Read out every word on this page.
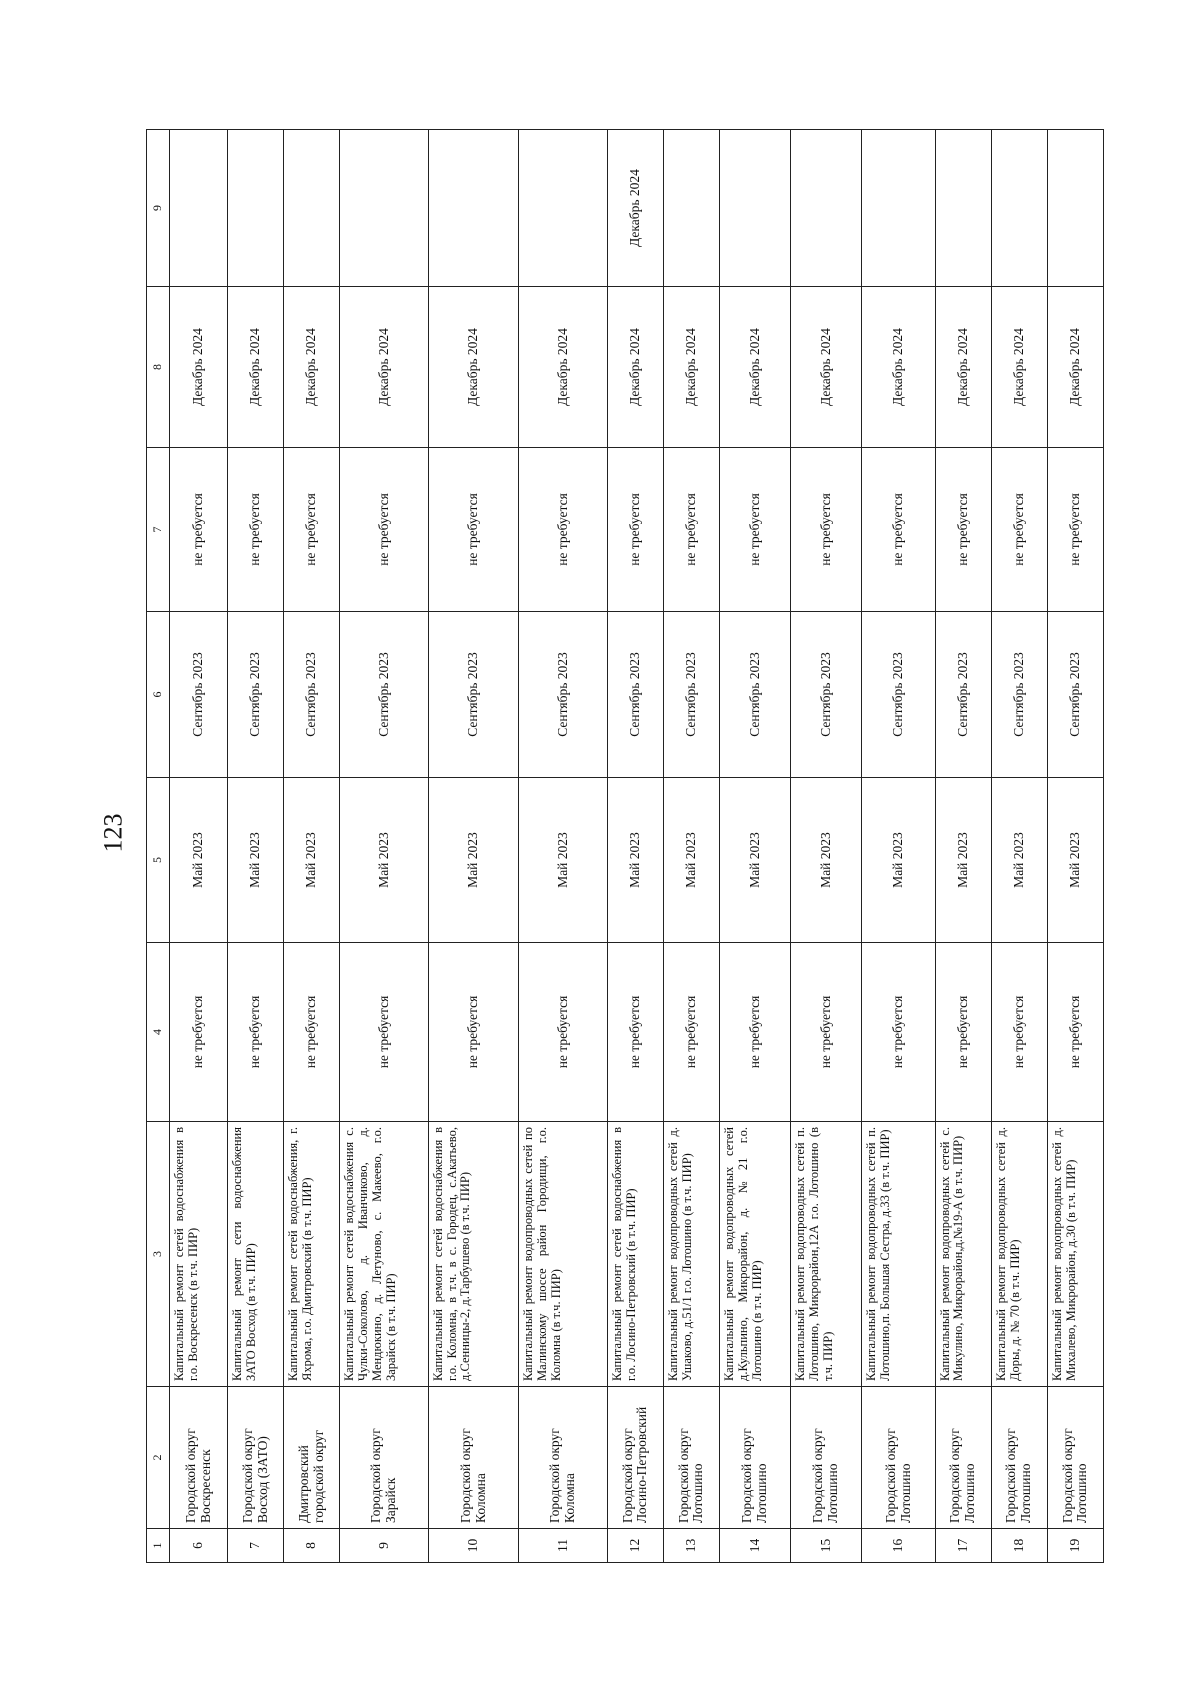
123
1	2	3	4	5	6	7	8	9
6	Городской округ Воскресенск	Капитальный ремонт сетей водоснабжения в г.о. Воскресенск (в т.ч. ПИР)	не требуется	Май 2023	Сентябрь 2023	не требуется	Декабрь 2024	
7	Городской округ Восход (ЗАТО)	Капитальный ремонт сети водоснабжения ЗАТО Восход (в т.ч. ПИР)	не требуется	Май 2023	Сентябрь 2023	не требуется	Декабрь 2024	
8	Дмитровский городской округ	Капитальный ремонт сетей водоснабжения, г. Яхрома, г.о. Дмитровский (в т.ч. ПИР)	не требуется	Май 2023	Сентябрь 2023	не требуется	Декабрь 2024	
9	Городской округ Зарайск	Капитальный ремонт сетей водоснабжения с. Чулки-Соколово, д. Иванчиково, д. Мендюкино, д. Летуново, с. Макеево, г.о. Зарайск (в т.ч. ПИР)	не требуется	Май 2023	Сентябрь 2023	не требуется	Декабрь 2024	
10	Городской округ Коломна	Капитальный ремонт сетей водоснабжения в г.о. Коломна, в т.ч. в с. Городец, с.Акатьево, д.Сенницы-2, д.Тарбушево (в т.ч. ПИР)	не требуется	Май 2023	Сентябрь 2023	не требуется	Декабрь 2024	
11	Городской округ Коломна	Капитальный ремонт водопроводных сетей по Малинскому шоссе район Городищи, г.о. Коломна (в т.ч. ПИР)	не требуется	Май 2023	Сентябрь 2023	не требуется	Декабрь 2024	
12	Городской округ Лосино-Петровский	Капитальный ремонт сетей водоснабжения в г.о. Лосино-Петровский (в т.ч. ПИР)	не требуется	Май 2023	Сентябрь 2023	не требуется	Декабрь 2024	Декабрь 2024
13	Городской округ Лотошино	Капитальный ремонт водопроводных сетей д. Ушаково, д.51/1 г.о. Лотошино (в т.ч. ПИР)	не требуется	Май 2023	Сентябрь 2023	не требуется	Декабрь 2024	
14	Городской округ Лотошино	Капитальный ремонт водопроводных сетей д.Кульпино, Микрорайон, д. №21 г.о. Лотошино (в т.ч. ПИР)	не требуется	Май 2023	Сентябрь 2023	не требуется	Декабрь 2024	
15	Городской округ Лотошино	Капитальный ремонт водопроводных сетей п. Лотошино, Микрорайон,12А г.о. Лотошино (в т.ч. ПИР)	не требуется	Май 2023	Сентябрь 2023	не требуется	Декабрь 2024	
16	Городской округ Лотошино	Капитальный ремонт водопроводных сетей п. Лотошино,п. Большая Сестра, д.33 (в т.ч. ПИР)	не требуется	Май 2023	Сентябрь 2023	не требуется	Декабрь 2024	
17	Городской округ Лотошино	Капитальный ремонт водопроводных сетей с. Микулино, Микрорайон,д.№19-А (в т.ч. ПИР)	не требуется	Май 2023	Сентябрь 2023	не требуется	Декабрь 2024	
18	Городской округ Лотошино	Капитальный ремонт водопроводных сетей д. Доры, д. № 70 (в т.ч. ПИР)	не требуется	Май 2023	Сентябрь 2023	не требуется	Декабрь 2024	
19	Городской округ Лотошино	Капитальный ремонт водопроводных сетей д. Михалево, Микрорайон, д.30 (в т.ч. ПИР)	не требуется	Май 2023	Сентябрь 2023	не требуется	Декабрь 2024	
